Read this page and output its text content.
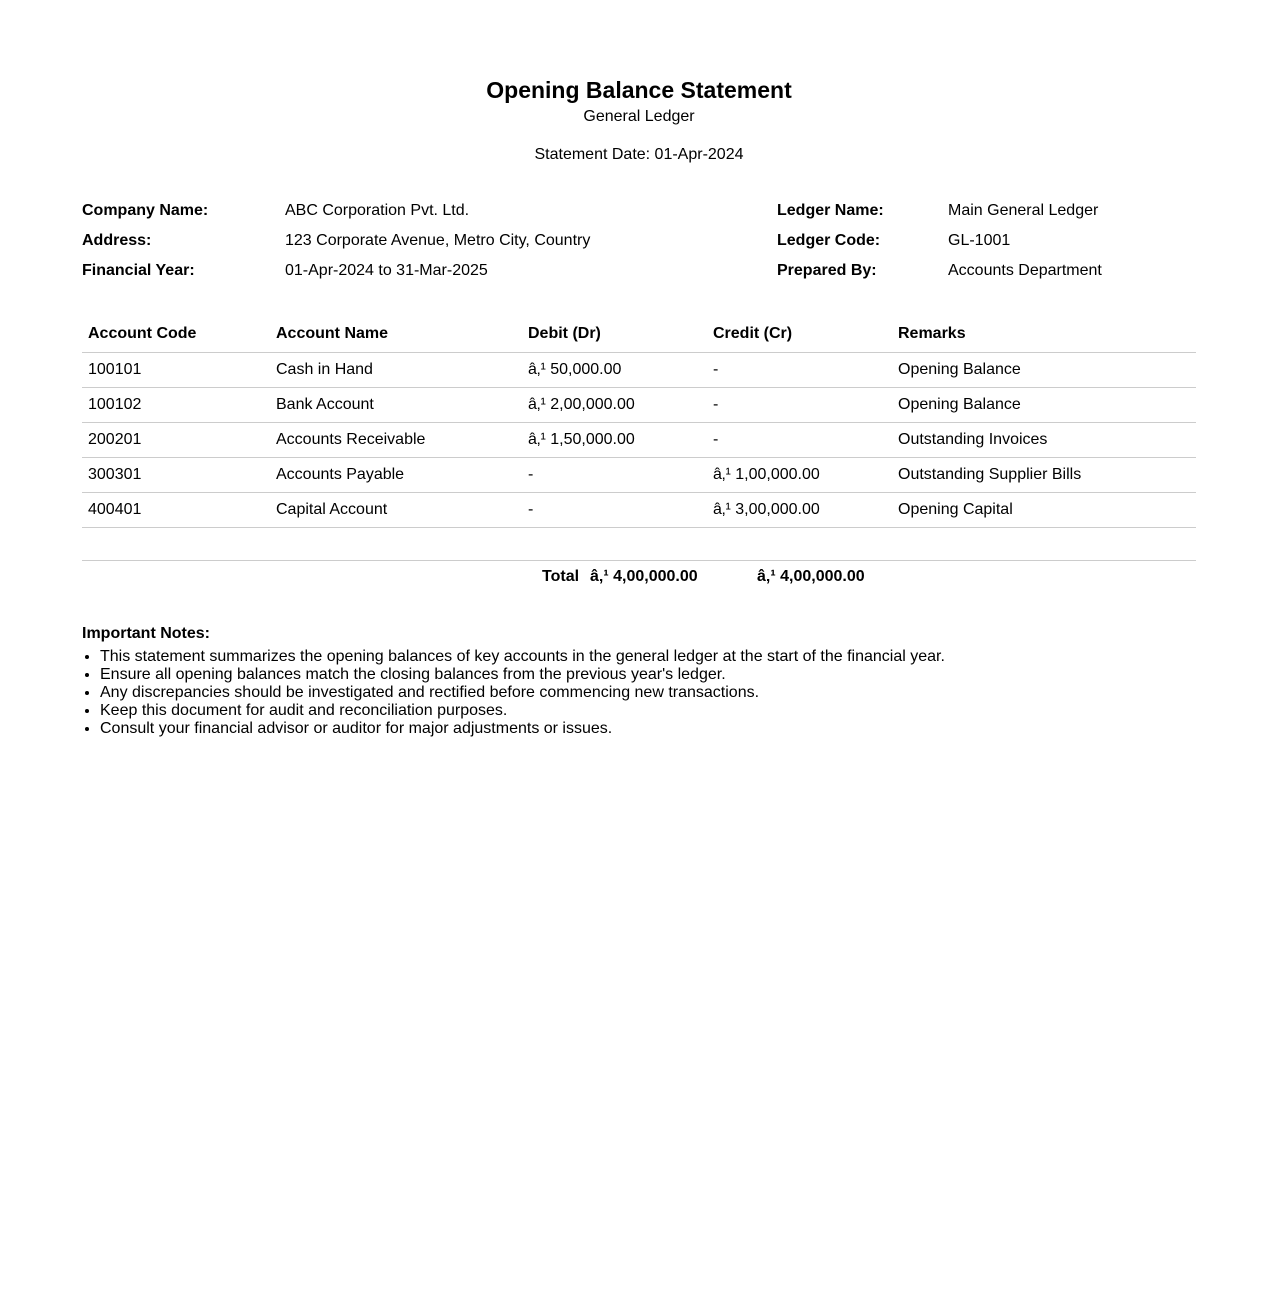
Opening Balance Statement
General Ledger
Statement Date: 01-Apr-2024
Company Name:	ABC Corporation Pvt. Ltd.
Address:	123 Corporate Avenue, Metro City, Country
Financial Year:	01-Apr-2024 to 31-Mar-2025
Ledger Name:	Main General Ledger
Ledger Code:	GL-1001
Prepared By:	Accounts Department
Account Code	Account Name	Debit (Dr)	Credit (Cr)	Remarks
100101	Cash in Hand	â‚¹ 50,000.00	-	Opening Balance
100102	Bank Account	â‚¹ 2,00,000.00	-	Opening Balance
200201	Accounts Receivable	â‚¹ 1,50,000.00	-	Outstanding Invoices
300301	Accounts Payable	-	â‚¹ 1,00,000.00	Outstanding Supplier Bills
400401	Capital Account	-	â‚¹ 3,00,000.00	Opening Capital

Total â‚¹ 4,00,000.00	â‚¹ 4,00,000.00
Important Notes:
• This statement summarizes the opening balances of key accounts in the general ledger at the start of the financial year.
• Ensure all opening balances match the closing balances from the previous year's ledger.
• Any discrepancies should be investigated and rectified before commencing new transactions.
• Keep this document for audit and reconciliation purposes.
• Consult your financial advisor or auditor for major adjustments or issues.
